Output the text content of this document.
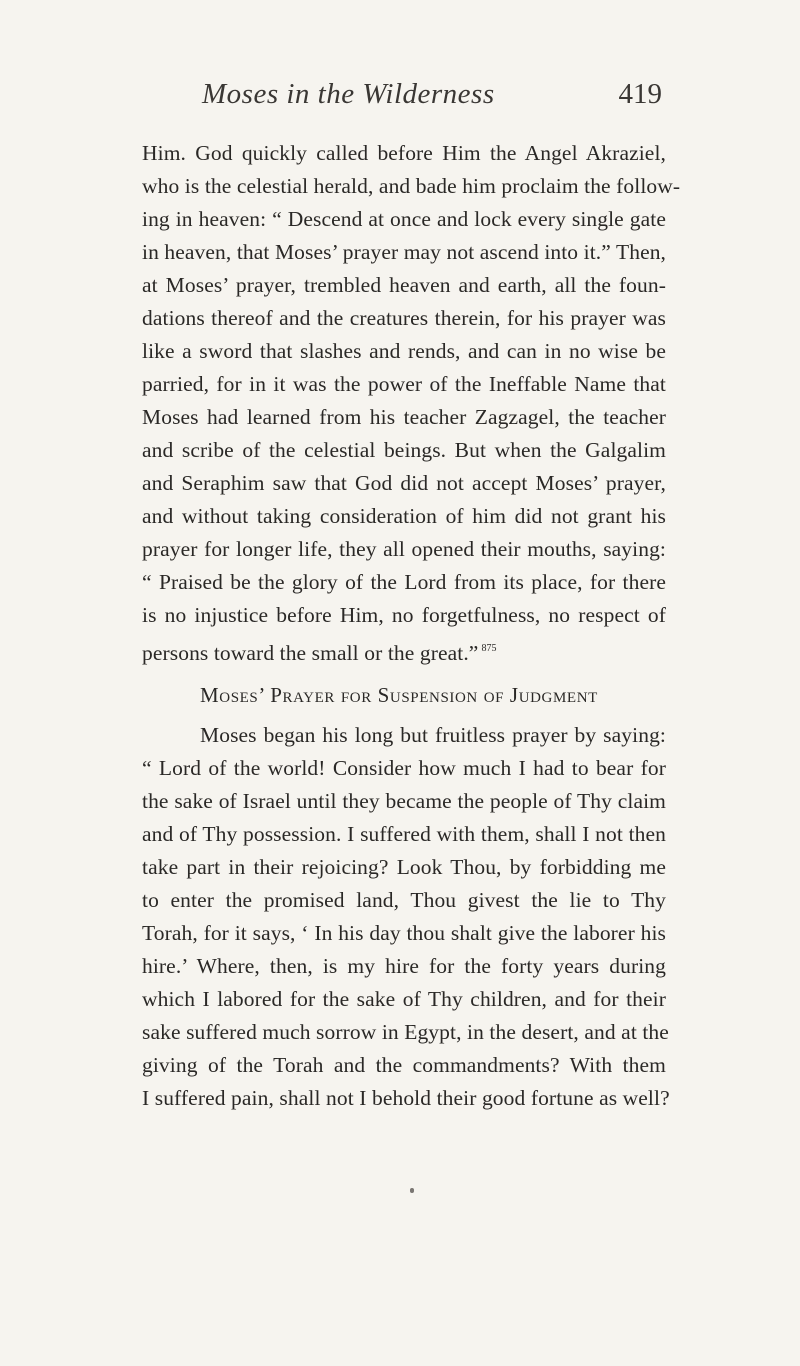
Moses in the Wilderness	419
Him. God quickly called before Him the Angel Akraziel,
who is the celestial herald, and bade him proclaim the follow-
ing in heaven: “ Descend at once and lock every single gate
in heaven, that Moses’ prayer may not ascend into it.” Then,
at Moses’ prayer, trembled heaven and earth, all the foun-
dations thereof and the creatures therein, for his prayer was
like a sword that slashes and rends, and can in no wise be
parried, for in it was the power of the Ineffable Name that
Moses had learned from his teacher Zagzagel, the teacher
and scribe of the celestial beings. But when the Galgalim
and Seraphim saw that God did not accept Moses’ prayer,
and without taking consideration of him did not grant his
prayer for longer life, they all opened their mouths, saying:
“ Praised be the glory of the Lord from its place, for there
is no injustice before Him, no forgetfulness, no respect of
persons toward the small or the great.” $^{875}$
Moses’ Prayer for Suspension of Judgment
Moses began his long but fruitless prayer by saying:
“ Lord of the world! Consider how much I had to bear for
the sake of Israel until they became the people of Thy claim
and of Thy possession. I suffered with them, shall I not then
take part in their rejoicing? Look Thou, by forbidding me
to enter the promised land, Thou givest the lie to Thy
Torah, for it says, ‘ In his day thou shalt give the laborer his
hire.’ Where, then, is my hire for the forty years during
which I labored for the sake of Thy children, and for their
sake suffered much sorrow in Egypt, in the desert, and at the
giving of the Torah and the commandments? With them
I suffered pain, shall not I behold their good fortune as well?
